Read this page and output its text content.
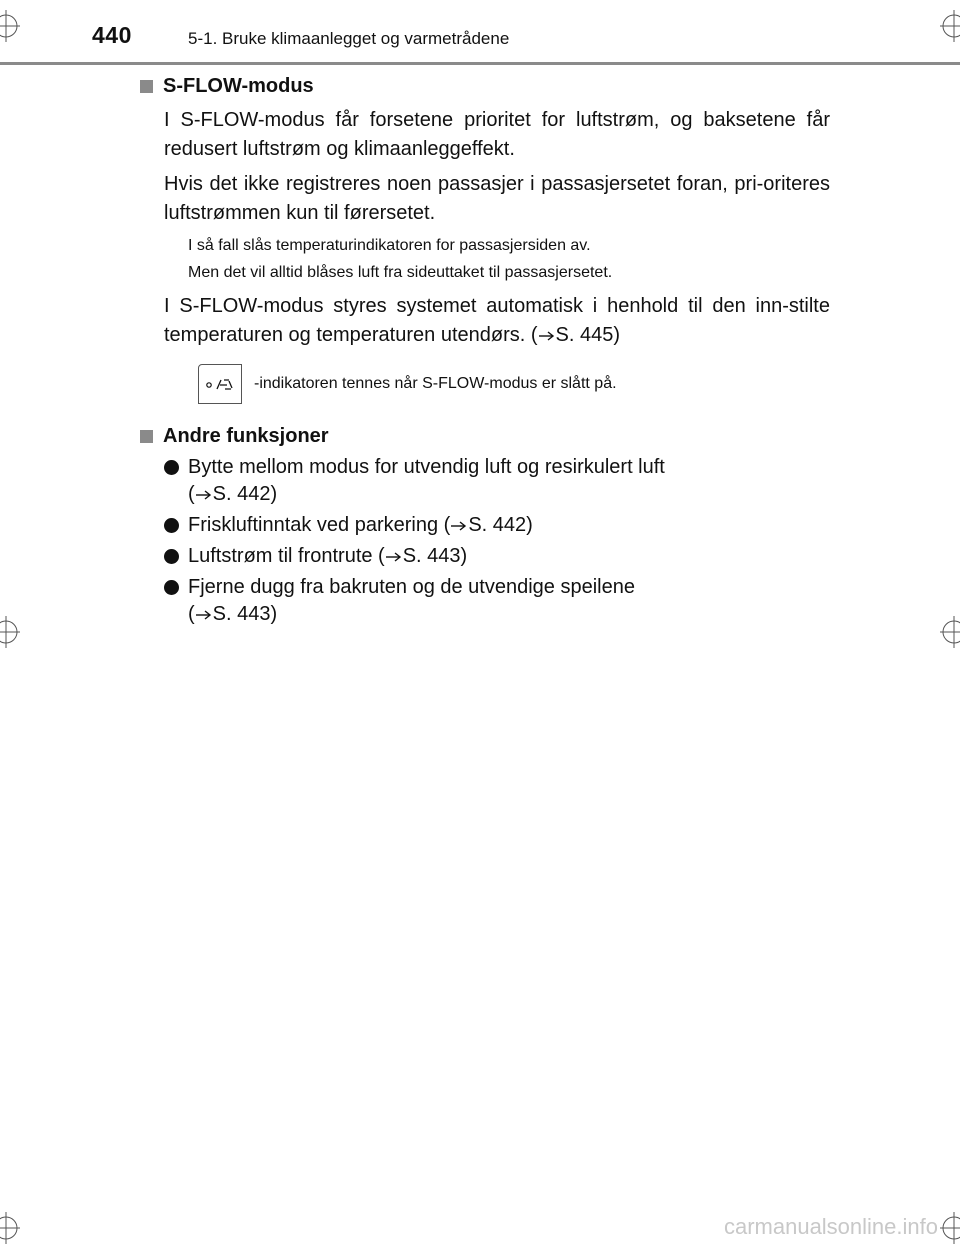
440	5-1. Bruke klimaanlegget og varmetrådene
S-FLOW-modus

I S-FLOW-modus får forsetene prioritet for luftstrøm, og baksetene får redusert luftstrøm og klimaanleggeffekt.

Hvis det ikke registreres noen passasjer i passasjersetet foran, pri-oriteres luftstrømmen kun til førersetet.

I så fall slås temperaturindikatoren for passasjersiden av.

Men det vil alltid blåses luft fra sideuttaket til passasjersetet.

I S-FLOW-modus styres systemet automatisk i henhold til den inn-stilte temperaturen og temperaturen utendørs. ( S. 445)

-indikatoren tennes når S-FLOW-modus er slått på.
Andre funksjoner
Bytte mellom modus for utvendig luft og resirkulert luft
( S. 442)
Friskluftinntak ved parkering ( S. 442)
Luftstrøm til frontrute ( S. 443)
Fjerne dugg fra bakruten og de utvendige speilene
( S. 443)
carmanualsonline.info
